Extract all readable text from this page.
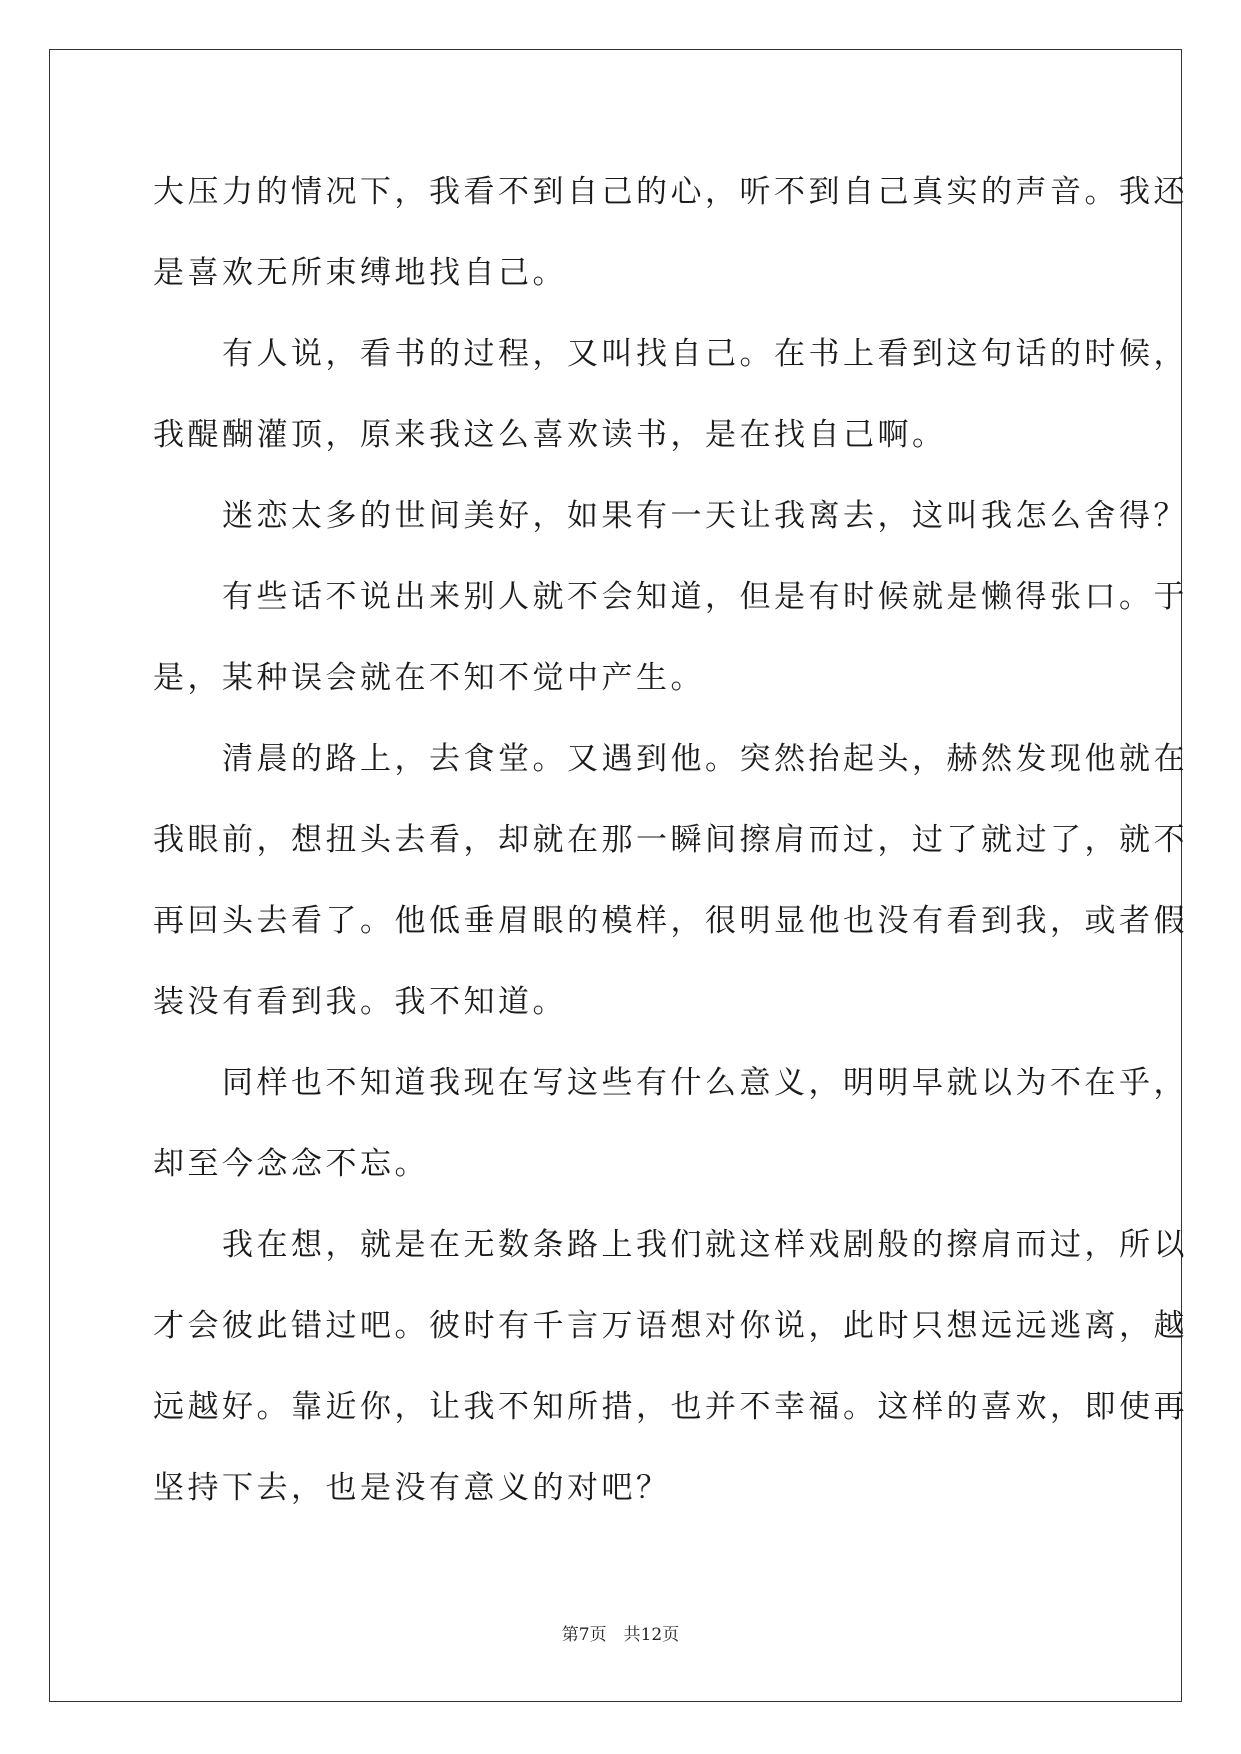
大压力的情况下，我看不到自己的心，听不到自己真实的声音。我还
是喜欢无所束缚地找自己。
　　有人说，看书的过程，又叫找自己。在书上看到这句话的时候，
我醍醐灌顶，原来我这么喜欢读书，是在找自己啊。
　　迷恋太多的世间美好，如果有一天让我离去，这叫我怎么舍得？
　　有些话不说出来别人就不会知道，但是有时候就是懒得张口。于
是，某种误会就在不知不觉中产生。
　　清晨的路上，去食堂。又遇到他。突然抬起头，赫然发现他就在
我眼前，想扭头去看，却就在那一瞬间擦肩而过，过了就过了，就不
再回头去看了。他低垂眉眼的模样，很明显他也没有看到我，或者假
装没有看到我。我不知道。
　　同样也不知道我现在写这些有什么意义，明明早就以为不在乎，
却至今念念不忘。
　　我在想，就是在无数条路上我们就这样戏剧般的擦肩而过，所以
才会彼此错过吧。彼时有千言万语想对你说，此时只想远远逃离，越
远越好。靠近你，让我不知所措，也并不幸福。这样的喜欢，即使再
坚持下去，也是没有意义的对吧？
第7页　共12页
